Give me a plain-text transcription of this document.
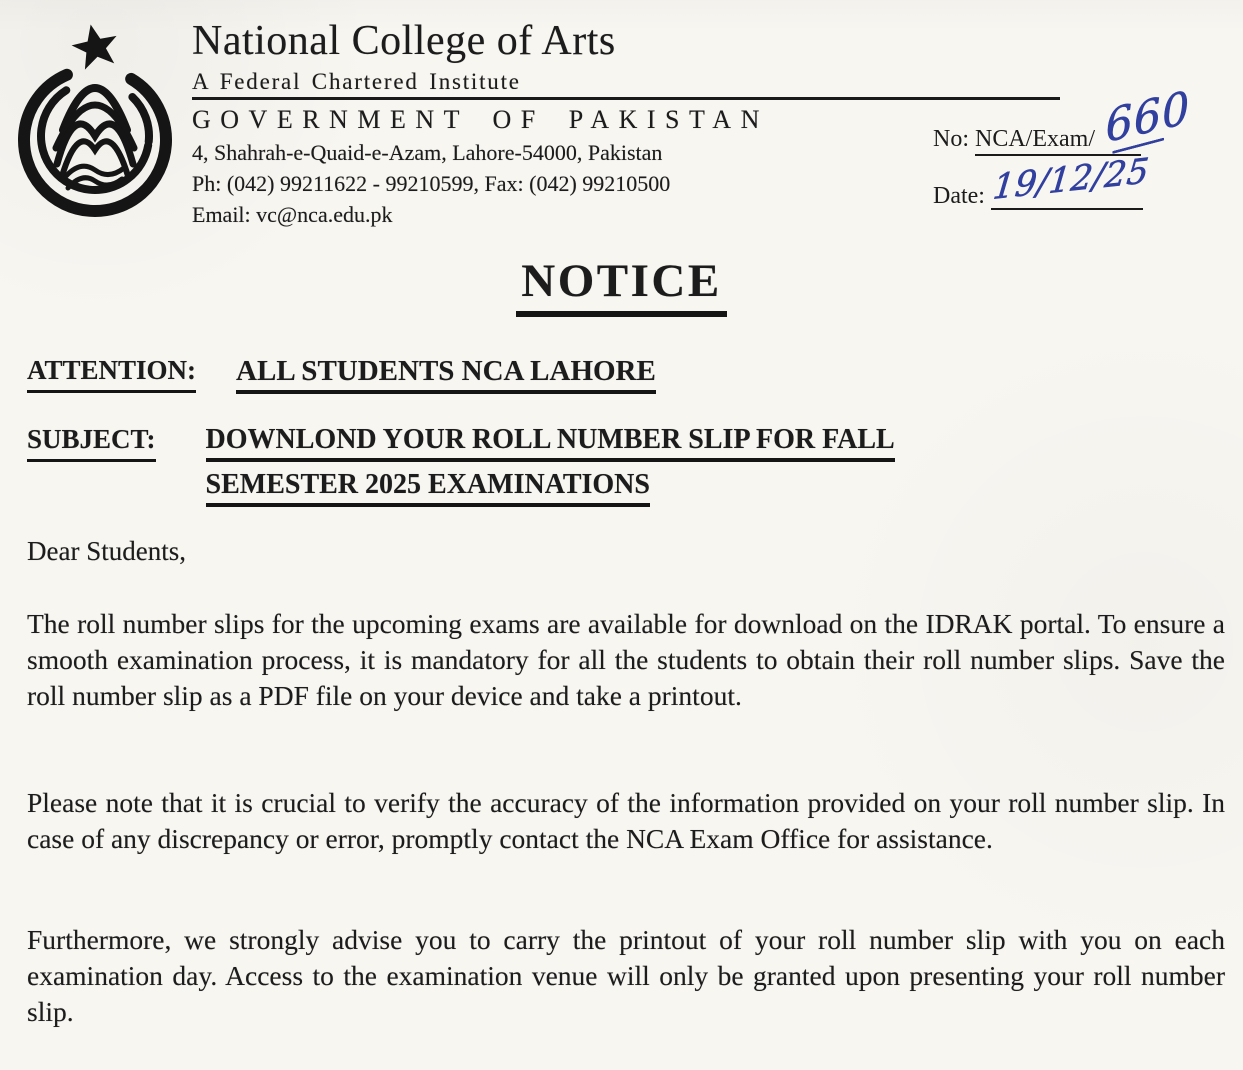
National College of Arts
A Federal Chartered Institute
GOVERNMENT OF PAKISTAN
4, Shahrah-e-Quaid-e-Azam, Lahore-54000, Pakistan
Ph: (042) 99211622 - 99210599, Fax: (042) 99210500
Email: vc@nca.edu.pk
No: NCA/Exam/ 660
Date: 19/12/25
NOTICE
ATTENTION: ALL STUDENTS NCA LAHORE
SUBJECT: DOWNLOND YOUR ROLL NUMBER SLIP FOR FALL
SEMESTER 2025 EXAMINATIONS
Dear Students,

The roll number slips for the upcoming exams are available for download on the IDRAK portal. To ensure a smooth examination process, it is mandatory for all the students to obtain their roll number slips. Save the roll number slip as a PDF file on your device and take a printout.

Please note that it is crucial to verify the accuracy of the information provided on your roll number slip. In case of any discrepancy or error, promptly contact the NCA Exam Office for assistance.

Furthermore, we strongly advise you to carry the printout of your roll number slip with you on each examination day. Access to the examination venue will only be granted upon presenting your roll number slip.
